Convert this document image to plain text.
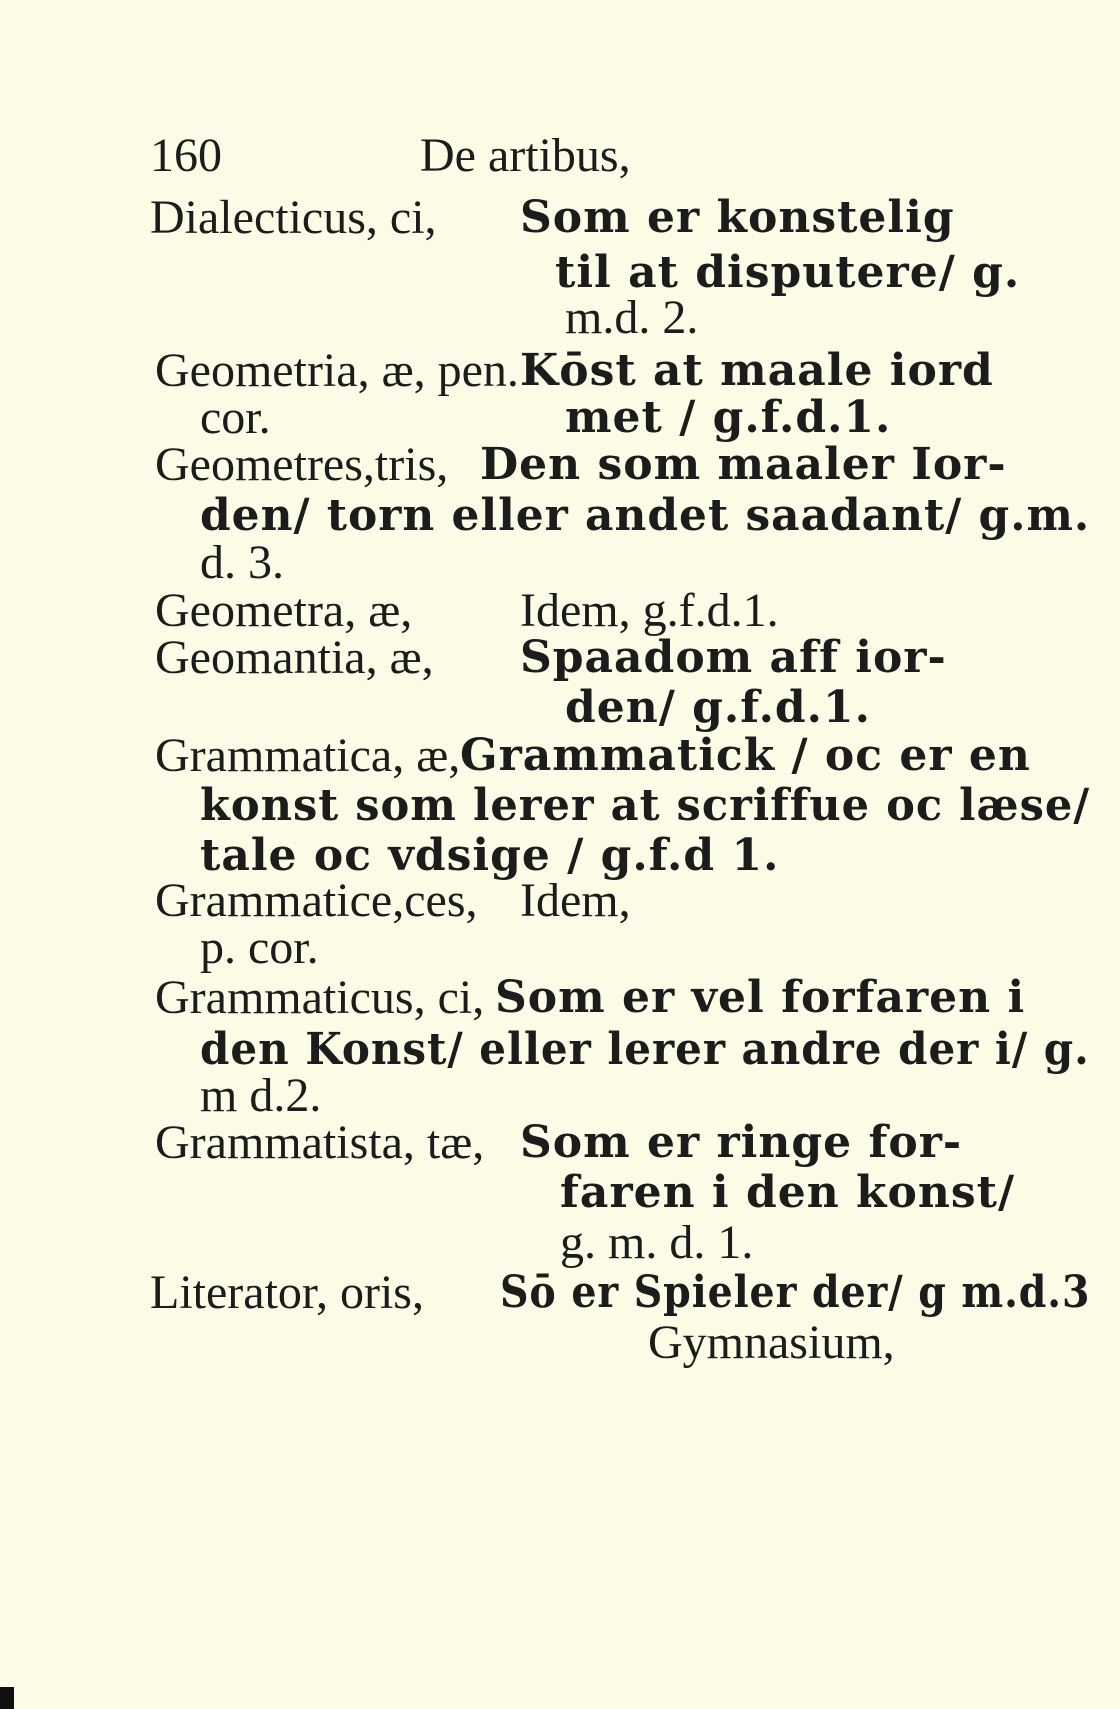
160	De artibus,
Dialecticus, ci, Som er konstelig
til at disputere/ g.
m.d. 2.
Geometria, æ, pen. Kōst at maale iord
cor.	met / g.f.d.1.
Geometres,tris, Den som maaler Ior-
den/ torn eller andet saadant/ g.m.
d. 3.
Geometra, æ, Idem, g.f.d.1.
Geomantia, æ, Spaadom aff ior-
den/ g.f.d.1.
Grammatica, æ, Grammatick / oc er en
konst som lerer at scriffue oc læse/
tale oc vdsige / g.f.d 1.
Grammatice,ces, Idem,
p. cor.
Grammaticus, ci, Som er vel forfaren i
den Konst/ eller lerer andre der i/ g.
m d.2.
Grammatista, tæ, Som er ringe for-
faren i den konst/
g. m. d. 1.
Literator, oris, Sō er Spieler der/ g m.d.3
Gymnasium,
